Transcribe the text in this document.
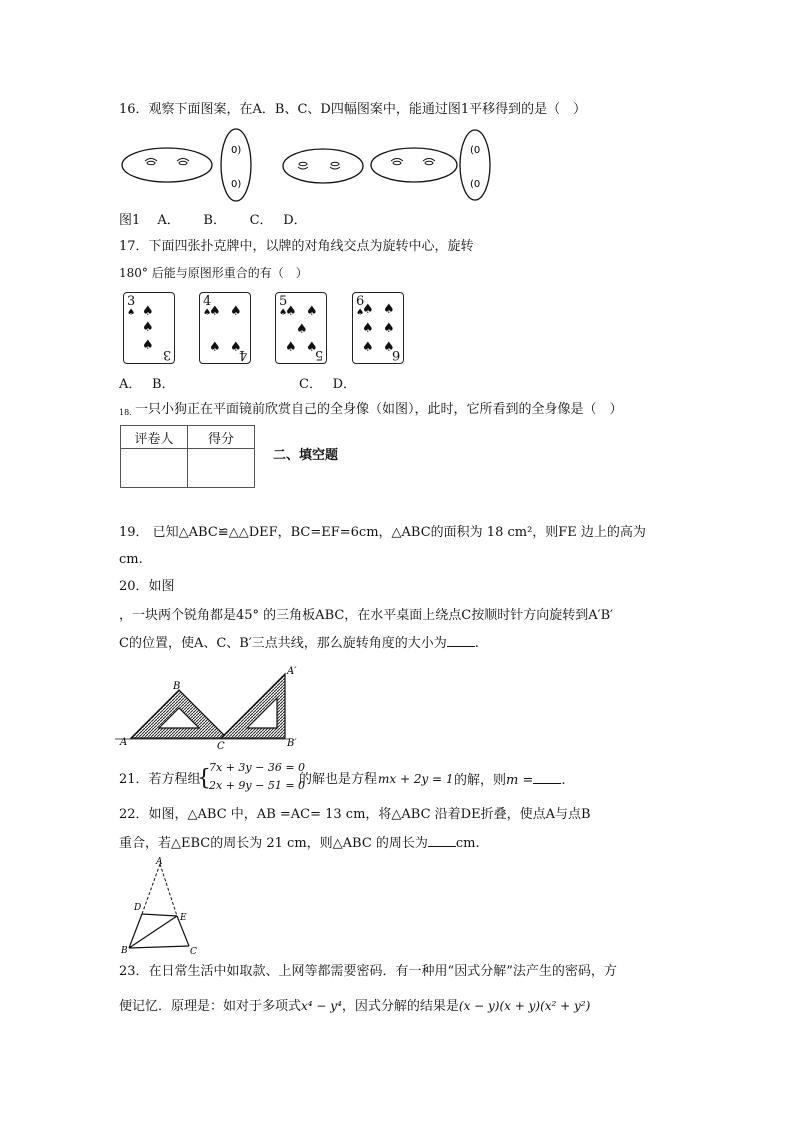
16．观察下面图案，在A．B、C、D四幅图案中，能通过图1平移得到的是（　）
0)
0)
(0
(0
图1　 A．　　 B．　　 C．　 D．
17．下面四张扑克牌中，以牌的对角线交点为旋转中心，旋转
180° 后能与原图形重合的有（　）
3
♠ ♠
♠
♠
3
4
♠
♠ ♠
♠ ♠
4
5
♠
♠ ♠
♠
♠ ♠
5
6
♠
♠ ♠
♠ ♠
♠ ♠
6
A．　 B．	C．　 D．
18. 一只小狗正在平面镜前欣赏自己的全身像（如图），此时，它所看到的全身像是（　）
评卷人	得分

二、填空题
19． 已知△ABC≌△△DEF，BC=EF=6cm，△ABC的面积为 18 cm²，则FE 边上的高为
cm.
20．如图
，一块两个锐角都是45° 的三角板ABC，在水平桌面上绕点C按顺时针方向旋转到A′B′
C的位置，使A、C、B′三点共线，那么旋转角度的大小为 .
A
B
C
A′
B′
21．若方程组
{
7x + 3y − 36 = 0
2x + 9y − 51 = 0
的解也是方程 mx + 2y = 1 的解，则m = .
22．如图，△ABC 中，AB =AC= 13 cm，将△ABC 沿着DE折叠，使点A与点B
重合，若△EBC的周长为 21 cm，则△ABC 的周长为 cm.
A
D
E
B	C
23．在日常生活中如取款、上网等都需要密码．有一种用“因式分解”法产生的密码，方
便记忆．原理是：如对于多项式x⁴ − y⁴，因式分解的结果是(x − y)(x + y)(x² + y²)
